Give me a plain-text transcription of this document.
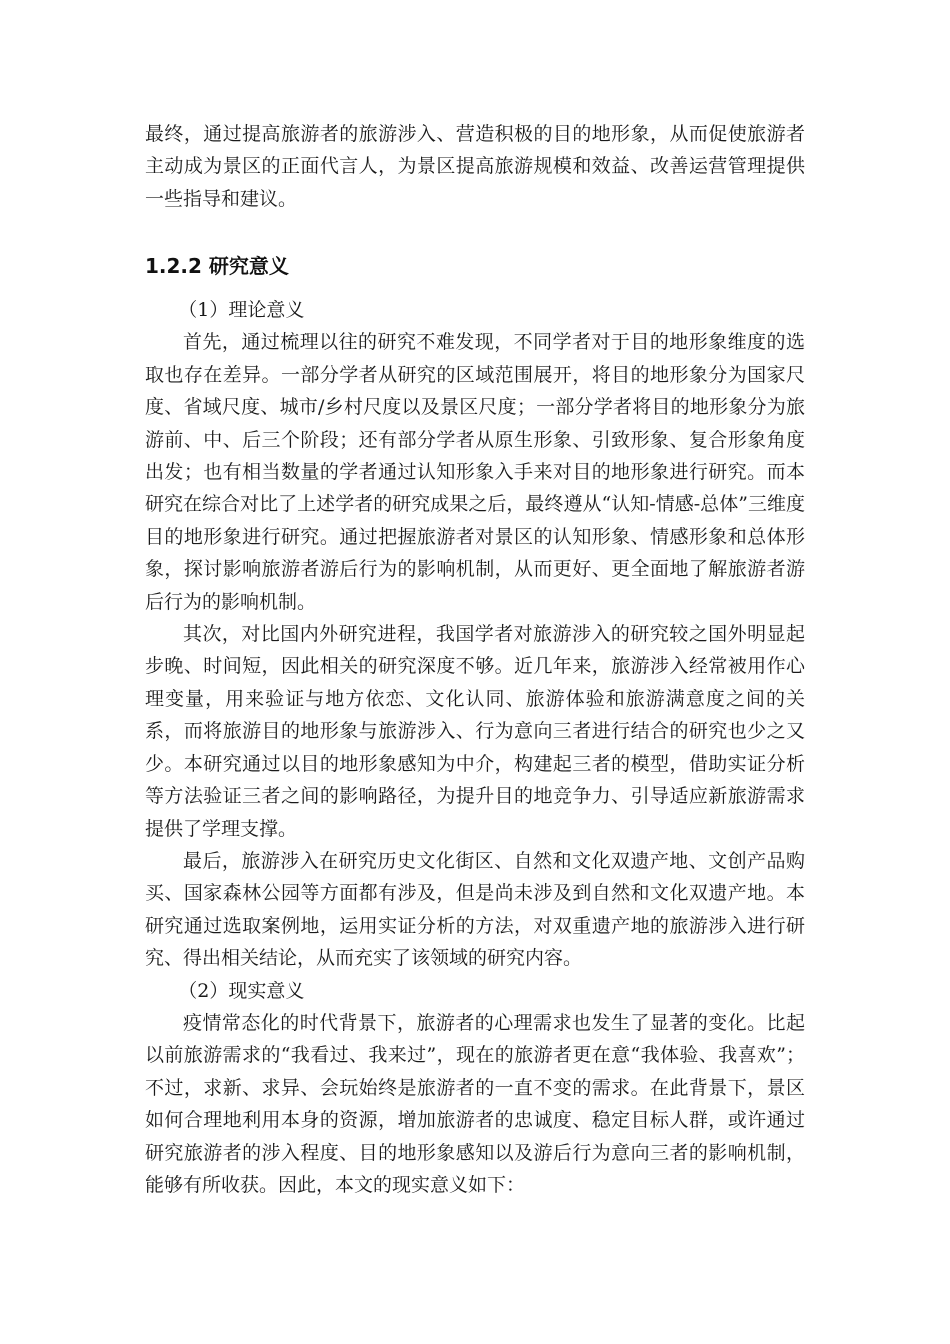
最终，通过提高旅游者的旅游涉入、营造积极的目的地形象，从而促使旅游者主动成为景区的正面代言人，为景区提高旅游规模和效益、改善运营管理提供一些指导和建议。

1.2.2 研究意义

（1）理论意义

首先，通过梳理以往的研究不难发现，不同学者对于目的地形象维度的选取也存在差异。一部分学者从研究的区域范围展开，将目的地形象分为国家尺度、省域尺度、城市/乡村尺度以及景区尺度；一部分学者将目的地形象分为旅游前、中、后三个阶段；还有部分学者从原生形象、引致形象、复合形象角度出发；也有相当数量的学者通过认知形象入手来对目的地形象进行研究。而本研究在综合对比了上述学者的研究成果之后，最终遵从“认知-情感-总体”三维度目的地形象进行研究。通过把握旅游者对景区的认知形象、情感形象和总体形象，探讨影响旅游者游后行为的影响机制，从而更好、更全面地了解旅游者游后行为的影响机制。

其次，对比国内外研究进程，我国学者对旅游涉入的研究较之国外明显起步晚、时间短，因此相关的研究深度不够。近几年来，旅游涉入经常被用作心理变量，用来验证与地方依恋、文化认同、旅游体验和旅游满意度之间的关系，而将旅游目的地形象与旅游涉入、行为意向三者进行结合的研究也少之又少。本研究通过以目的地形象感知为中介，构建起三者的模型，借助实证分析等方法验证三者之间的影响路径，为提升目的地竞争力、引导适应新旅游需求提供了学理支撑。

最后，旅游涉入在研究历史文化街区、自然和文化双遗产地、文创产品购买、国家森林公园等方面都有涉及，但是尚未涉及到自然和文化双遗产地。本研究通过选取案例地，运用实证分析的方法，对双重遗产地的旅游涉入进行研究、得出相关结论，从而充实了该领域的研究内容。

（2）现实意义

疫情常态化的时代背景下，旅游者的心理需求也发生了显著的变化。比起以前旅游需求的“我看过、我来过”，现在的旅游者更在意“我体验、我喜欢”；不过，求新、求异、会玩始终是旅游者的一直不变的需求。在此背景下，景区如何合理地利用本身的资源，增加旅游者的忠诚度、稳定目标人群，或许通过研究旅游者的涉入程度、目的地形象感知以及游后行为意向三者的影响机制，能够有所收获。因此，本文的现实意义如下：
